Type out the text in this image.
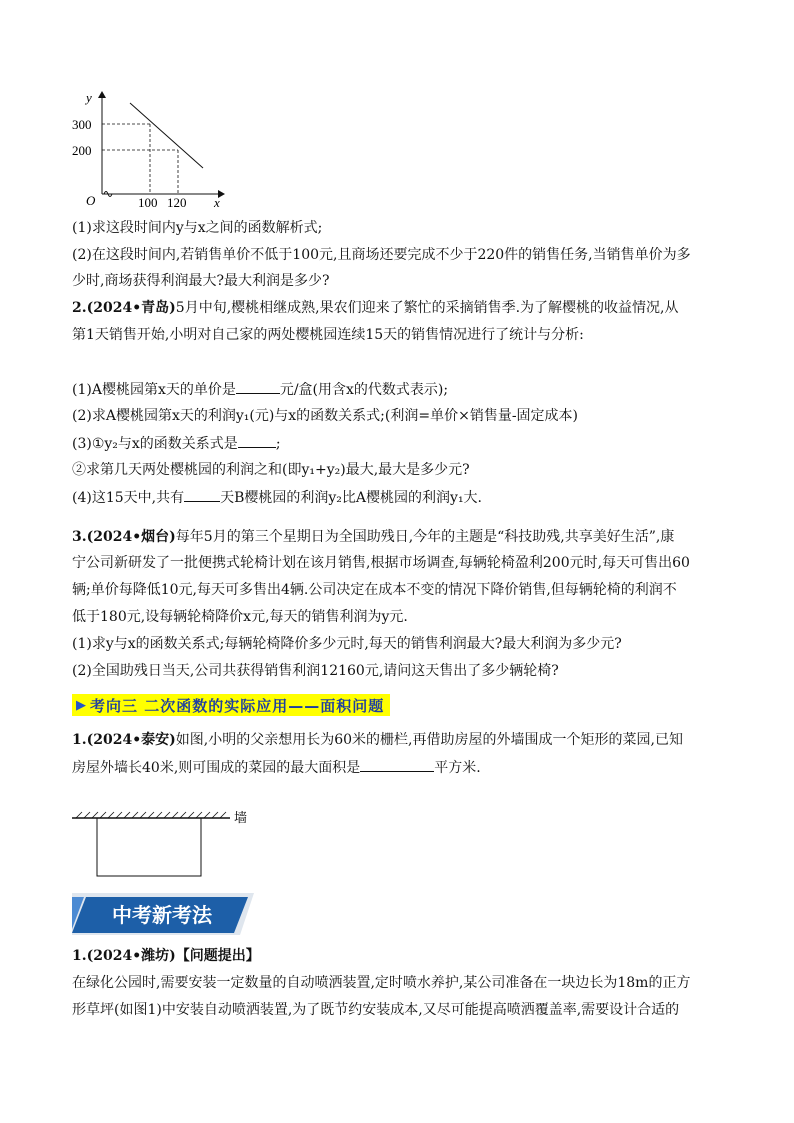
y
x
O
300
200
100 120
(1)求这段时间内y与x之间的函数解析式;
(2)在这段时间内,若销售单价不低于100元,且商场还要完成不少于220件的销售任务,当销售单价为多
少时,商场获得利润最大?最大利润是多少?
2.(2024•青岛)5月中旬,樱桃相继成熟,果农们迎来了繁忙的采摘销售季.为了解樱桃的收益情况,从
第1天销售开始,小明对自己家的两处樱桃园连续15天的销售情况进行了统计与分析:
(1)A樱桃园第x天的单价是	元/盒(用含x的代数式表示);
(2)求A樱桃园第x天的利润y₁(元)与x的函数关系式;(利润=单价×销售量-固定成本)
(3)①y₂与x的函数关系式是	;
②求第几天两处樱桃园的利润之和(即y₁+y₂)最大,最大是多少元?
(4)这15天中,共有	天B樱桃园的利润y₂比A樱桃园的利润y₁大.
3.(2024•烟台)每年5月的第三个星期日为全国助残日,今年的主题是“科技助残,共享美好生活”,康
宁公司新研发了一批便携式轮椅计划在该月销售,根据市场调查,每辆轮椅盈利200元时,每天可售出60
辆;单价每降低10元,每天可多售出4辆.公司决定在成本不变的情况下降价销售,但每辆轮椅的利润不
低于180元,设每辆轮椅降价x元,每天的销售利润为y元.
(1)求y与x的函数关系式;每辆轮椅降价多少元时,每天的销售利润最大?最大利润为多少元?
(2)全国助残日当天,公司共获得销售利润12160元,请问这天售出了多少辆轮椅?
▶ 考向三 二次函数的实际应用——面积问题
1.(2024•泰安)如图,小明的父亲想用长为60米的栅栏,再借助房屋的外墙围成一个矩形的菜园,已知
房屋外墙长40米,则可围成的菜园的最大面积是	平方米.
墙
中考新考法
1.(2024•潍坊)【问题提出】
在绿化公园时,需要安装一定数量的自动喷洒装置,定时喷水养护,某公司准备在一块边长为18m的正方
形草坪(如图1)中安装自动喷洒装置,为了既节约安装成本,又尽可能提高喷洒覆盖率,需要设计合适的
